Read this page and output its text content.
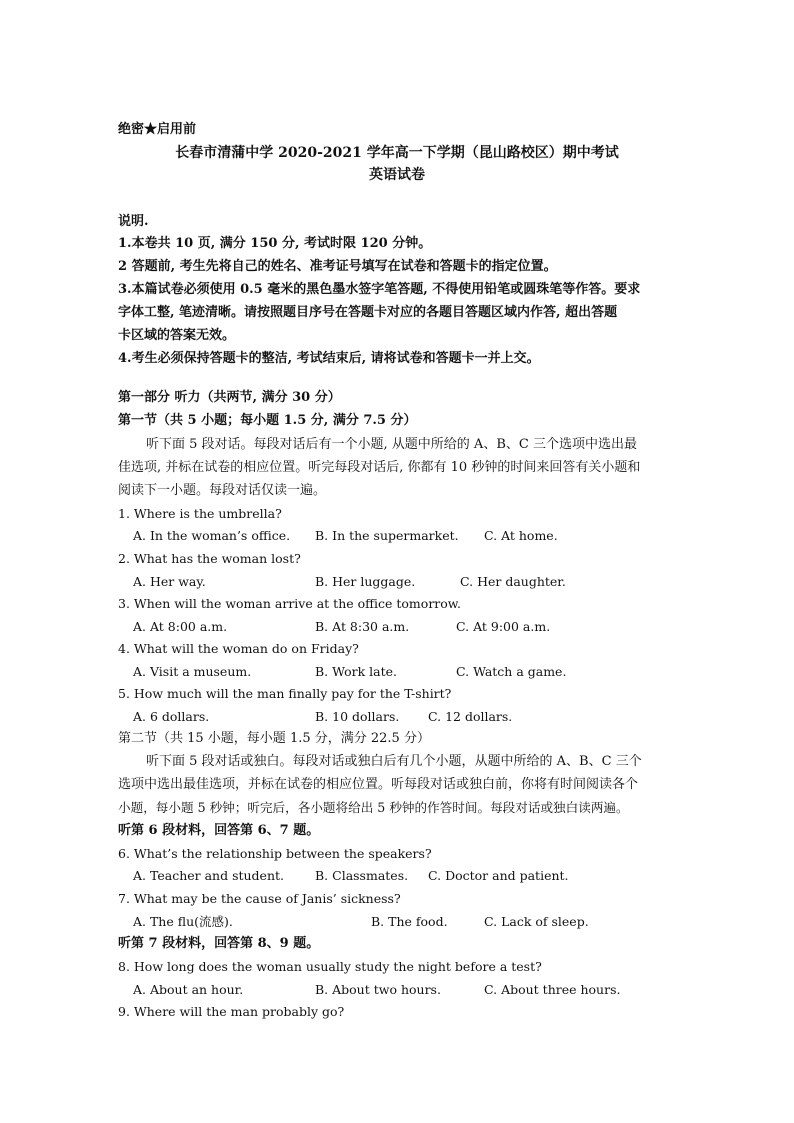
绝密★启用前
长春市清蒲中学 2020-2021 学年高一下学期（昆山路校区）期中考试
英语试卷
说明.
1.本卷共 10 页, 满分 150 分, 考试时限 120 分钟。
2 答题前, 考生先将自己的姓名、准考证号填写在试卷和答题卡的指定位置。
3.本篇试卷必须使用 0.5 毫米的黑色墨水签字笔答题, 不得使用铅笔或圆珠笔等作答。要求
字体工整, 笔迹清晰。请按照题目序号在答题卡对应的各题目答题区域内作答, 超出答题
卡区域的答案无效。
4.考生必须保持答题卡的整洁, 考试结束后, 请将试卷和答题卡一并上交。
第一部分 听力（共两节, 满分 30 分）
第一节（共 5 小题；每小题 1.5 分, 满分 7.5 分）
听下面 5 段对话。每段对话后有一个小题, 从题中所给的 A、B、C 三个选项中选出最
佳选项, 并标在试卷的相应位置。听完每段对话后, 你都有 10 秒钟的时间来回答有关小题和
阅读下一小题。每段对话仅读一遍。
1. Where is the umbrella?
A. In the woman’s office. B. In the supermarket. C. At home.
2. What has the woman lost?
A. Her way.	B. Her luggage.	C. Her daughter.
3. When will the woman arrive at the office tomorrow.
A. At 8:00 a.m.	B. At 8:30 a.m.	C. At 9:00 a.m.
4. What will the woman do on Friday?
A. Visit a museum.	B. Work late.	C. Watch a game.
5. How much will the man finally pay for the T-shirt?
A. 6 dollars.	B. 10 dollars. C. 12 dollars.
第二节（共 15 小题，每小题 1.5 分，满分 22.5 分）
听下面 5 段对话或独白。每段对话或独白后有几个小题，从题中所给的 A、B、C 三个
选项中选出最佳选项，并标在试卷的相应位置。听每段对话或独白前，你将有时间阅读各个
小题，每小题 5 秒钟；听完后，各小题将给出 5 秒钟的作答时间。每段对话或独白读两遍。
听第 6 段材料，回答第 6、7 题。
6. What’s the relationship between the speakers?
A. Teacher and student. B. Classmates. C. Doctor and patient.
7. What may be the cause of Janis’ sickness?
A. The flu(流感).	B. The food.	C. Lack of sleep.
听第 7 段材料，回答第 8、9 题。
8. How long does the woman usually study the night before a test?
A. About an hour.	B. About two hours.	C. About three hours.
9. Where will the man probably go?
